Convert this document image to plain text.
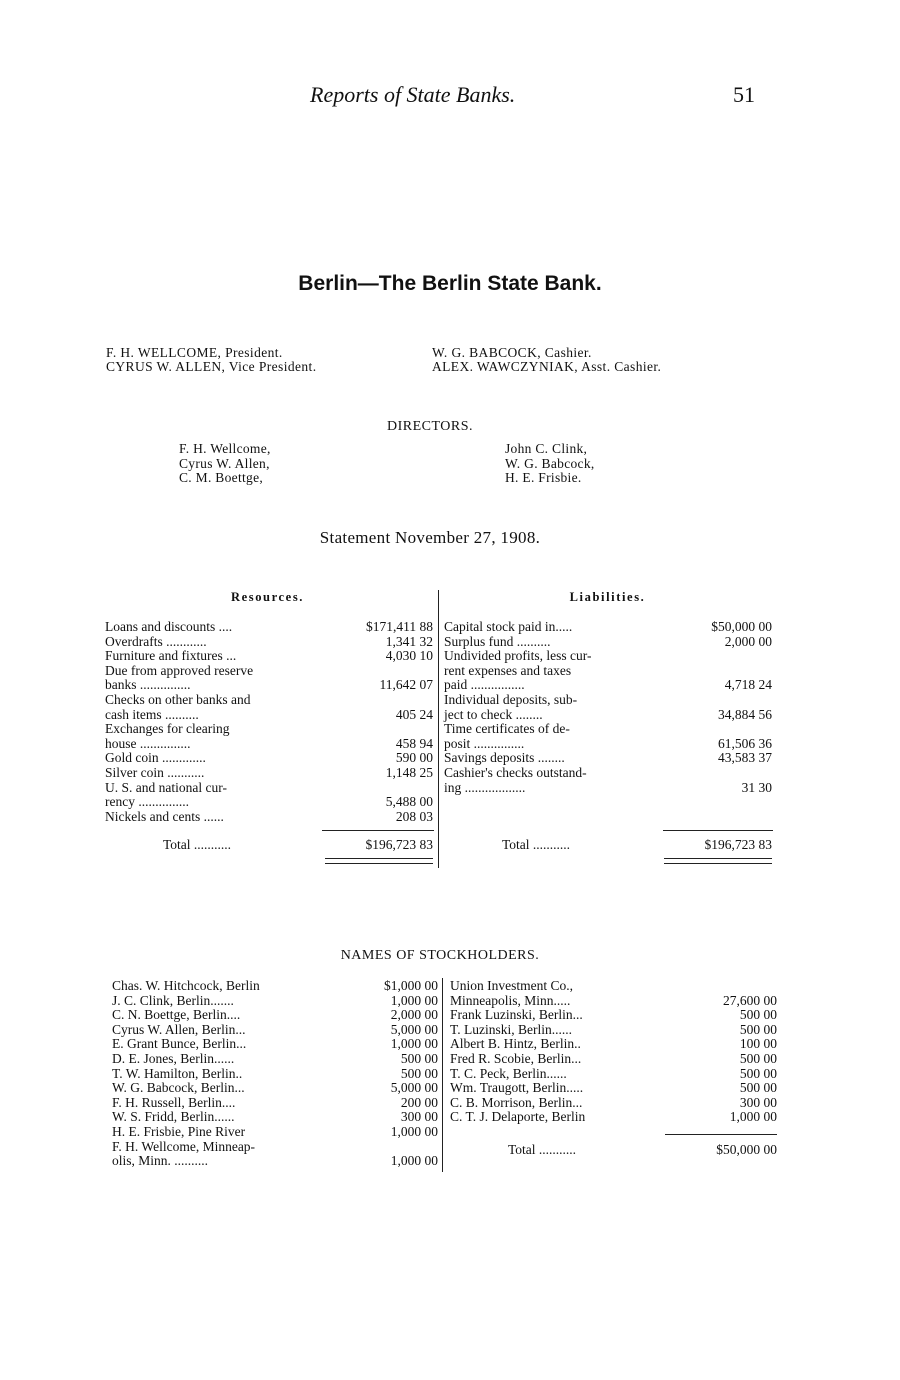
Reports of State Banks.	51
Berlin—The Berlin State Bank.
F. H. WELLCOME, President.
CYRUS W. ALLEN, Vice President.
W. G. BABCOCK, Cashier.
ALEX. WAWCZYNIAK, Asst. Cashier.
DIRECTORS.
F. H. Wellcome,
Cyrus W. Allen,
C. M. Boettge,
John C. Clink,
W. G. Babcock,
H. E. Frisbie.
Statement November 27, 1908.
Resources.	Liabilities.
Loans and discounts ....	$171,411 88
Overdrafts ............	1,341 32
Furniture and fixtures ...	4,030 10
Due from approved reserve
banks ...............	11,642 07
Checks on other banks and
cash items ..........	405 24
Exchanges for clearing
house ...............	458 94
Gold coin .............	590 00
Silver coin ...........	1,148 25
U. S. and national cur-
rency ...............	5,488 00
Nickels and cents ......	208 03
Total ...........	$196,723 83
Capital stock paid in.....	$50,000 00
Surplus fund ..........	2,000 00
Undivided profits, less cur-
rent expenses and taxes
paid ................	4,718 24
Individual deposits, sub-
ject to check ........	34,884 56
Time certificates of de-
posit ...............	61,506 36
Savings deposits ........	43,583 37
Cashier's checks outstand-
ing ..................	31 30
Total ...........	$196,723 83
NAMES OF STOCKHOLDERS.
Chas. W. Hitchcock, Berlin	$1,000 00
J. C. Clink, Berlin.......	1,000 00
C. N. Boettge, Berlin....	2,000 00
Cyrus W. Allen, Berlin...	5,000 00
E. Grant Bunce, Berlin...	1,000 00
D. E. Jones, Berlin......	500 00
T. W. Hamilton, Berlin..	500 00
W. G. Babcock, Berlin...	5,000 00
F. H. Russell, Berlin....	200 00
W. S. Fridd, Berlin......	300 00
H. E. Frisbie, Pine River	1,000 00
F. H. Wellcome, Minneap-
olis, Minn. ..........	1,000 00
Union Investment Co.,
Minneapolis, Minn.....	27,600 00
Frank Luzinski, Berlin...	500 00
T. Luzinski, Berlin......	500 00
Albert B. Hintz, Berlin..	100 00
Fred R. Scobie, Berlin...	500 00
T. C. Peck, Berlin......	500 00
Wm. Traugott, Berlin.....	500 00
C. B. Morrison, Berlin...	300 00
C. T. J. Delaporte, Berlin	1,000 00
Total ...........	$50,000 00
